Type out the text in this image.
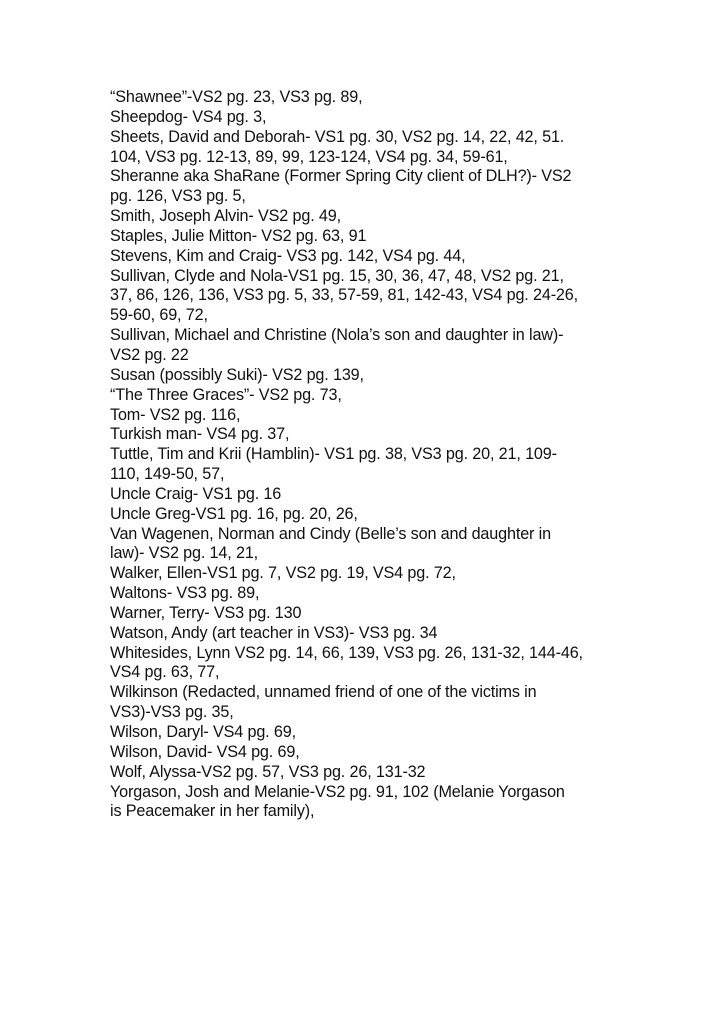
“Shawnee”-VS2 pg. 23, VS3 pg. 89,

Sheepdog- VS4 pg. 3,

Sheets, David and Deborah- VS1 pg. 30, VS2 pg. 14, 22, 42, 51.
104, VS3 pg. 12-13, 89, 99, 123-124, VS4 pg. 34, 59-61,

Sheranne aka ShaRane (Former Spring City client of DLH?)- VS2
pg. 126, VS3 pg. 5,

Smith, Joseph Alvin- VS2 pg. 49,

Staples, Julie Mitton- VS2 pg. 63, 91

Stevens, Kim and Craig- VS3 pg. 142, VS4 pg. 44,

Sullivan, Clyde and Nola-VS1 pg. 15, 30, 36, 47, 48, VS2 pg. 21,
37, 86, 126, 136, VS3 pg. 5, 33, 57-59, 81, 142-43, VS4 pg. 24-26,
59-60, 69, 72,

Sullivan, Michael and Christine (Nola’s son and daughter in law)-
VS2 pg. 22

Susan (possibly Suki)- VS2 pg. 139,

“The Three Graces”- VS2 pg. 73,

Tom- VS2 pg. 116,

Turkish man- VS4 pg. 37,

Tuttle, Tim and Krii (Hamblin)- VS1 pg. 38, VS3 pg. 20, 21, 109-
110, 149-50, 57,

Uncle Craig- VS1 pg. 16

Uncle Greg-VS1 pg. 16, pg. 20, 26,

Van Wagenen, Norman and Cindy (Belle’s son and daughter in
law)- VS2 pg. 14, 21,

Walker, Ellen-VS1 pg. 7, VS2 pg. 19, VS4 pg. 72,

Waltons- VS3 pg. 89,

Warner, Terry- VS3 pg. 130

Watson, Andy (art teacher in VS3)- VS3 pg. 34

Whitesides, Lynn VS2 pg. 14, 66, 139, VS3 pg. 26, 131-32, 144-46,
VS4 pg. 63, 77,

Wilkinson (Redacted, unnamed friend of one of the victims in
VS3)-VS3 pg. 35,

Wilson, Daryl- VS4 pg. 69,

Wilson, David- VS4 pg. 69,

Wolf, Alyssa-VS2 pg. 57, VS3 pg. 26, 131-32

Yorgason, Josh and Melanie-VS2 pg. 91, 102 (Melanie Yorgason
is Peacemaker in her family),
